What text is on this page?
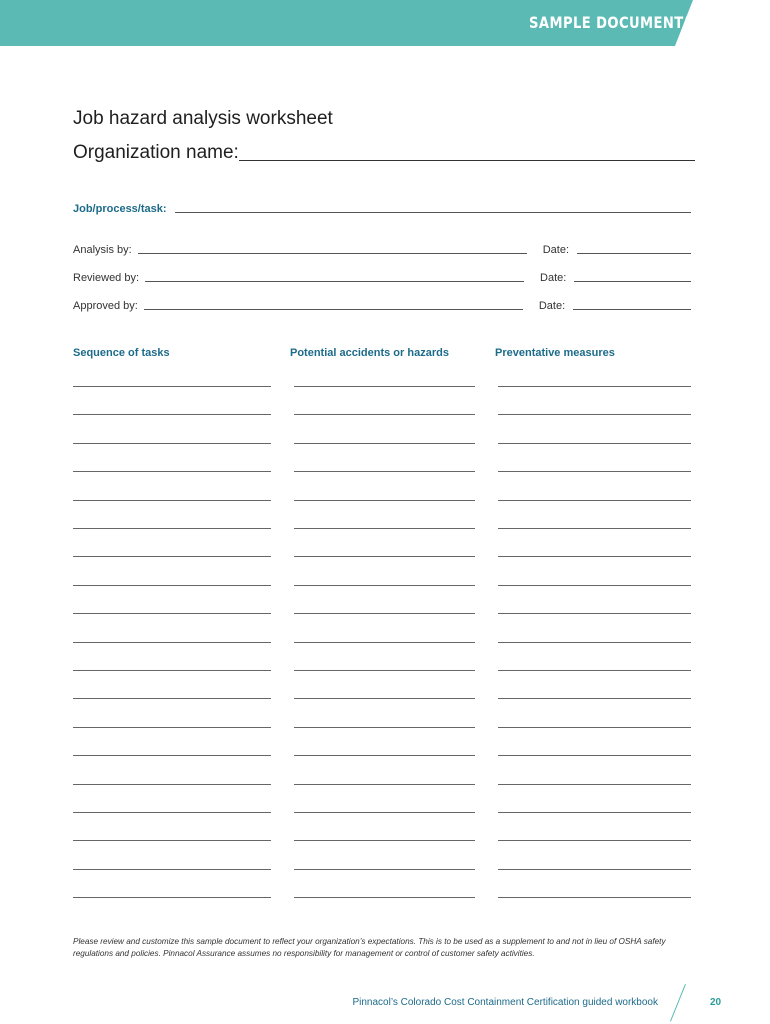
SAMPLE DOCUMENTATION
Job hazard analysis worksheet
Organization name:
Job/process/task:
Analysis by:	Date:
Reviewed by:	Date:
Approved by:	Date:
Sequence of tasks	Potential accidents or hazards	Preventative measures
Please review and customize this sample document to reflect your organization’s expectations. This is to be used as a supplement to and not in lieu of OSHA safety regulations and policies. Pinnacol Assurance assumes no responsibility for management or control of customer safety activities.
Pinnacol’s Colorado Cost Containment Certification guided workbook	20
